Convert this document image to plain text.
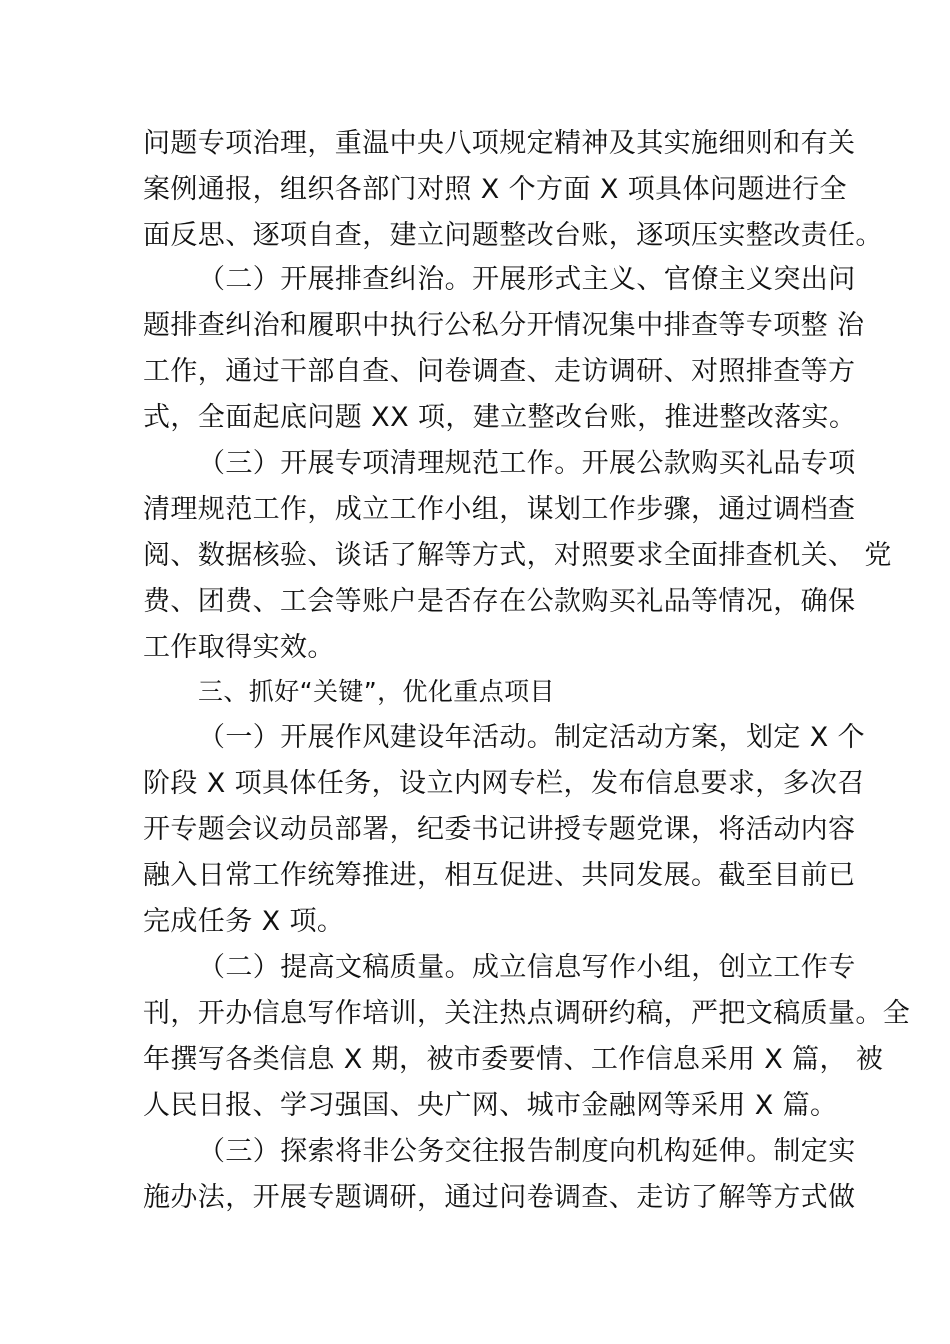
问题专项治理，重温中央八项规定精神及其实施细则和有关
案例通报，组织各部门对照 X 个方面 X 项具体问题进行全
面反思、逐项自查，建立问题整改台账，逐项压实整改责任。
（二）开展排查纠治。开展形式主义、官僚主义突出问
题排查纠治和履职中执行公私分开情况集中排查等专项整 治
工作，通过干部自查、问卷调查、走访调研、对照排查等方
式，全面起底问题 XX 项，建立整改台账，推进整改落实。
（三）开展专项清理规范工作。开展公款购买礼品专项
清理规范工作，成立工作小组，谋划工作步骤，通过调档查
阅、数据核验、谈话了解等方式，对照要求全面排查机关、 党
费、团费、工会等账户是否存在公款购买礼品等情况，确保
工作取得实效。
三、抓好“关键”，优化重点项目
（一）开展作风建设年活动。制定活动方案，划定 X 个
阶段 X 项具体任务，设立内网专栏，发布信息要求，多次召
开专题会议动员部署，纪委书记讲授专题党课，将活动内容
融入日常工作统筹推进，相互促进、共同发展。截至目前已
完成任务 X 项。
（二）提高文稿质量。成立信息写作小组，创立工作专
刊，开办信息写作培训，关注热点调研约稿，严把文稿质量。全
年撰写各类信息 X 期，被市委要情、工作信息采用 X 篇， 被
人民日报、学习强国、央广网、城市金融网等采用 X 篇。
（三）探索将非公务交往报告制度向机构延伸。制定实
施办法，开展专题调研，通过问卷调查、走访了解等方式做
